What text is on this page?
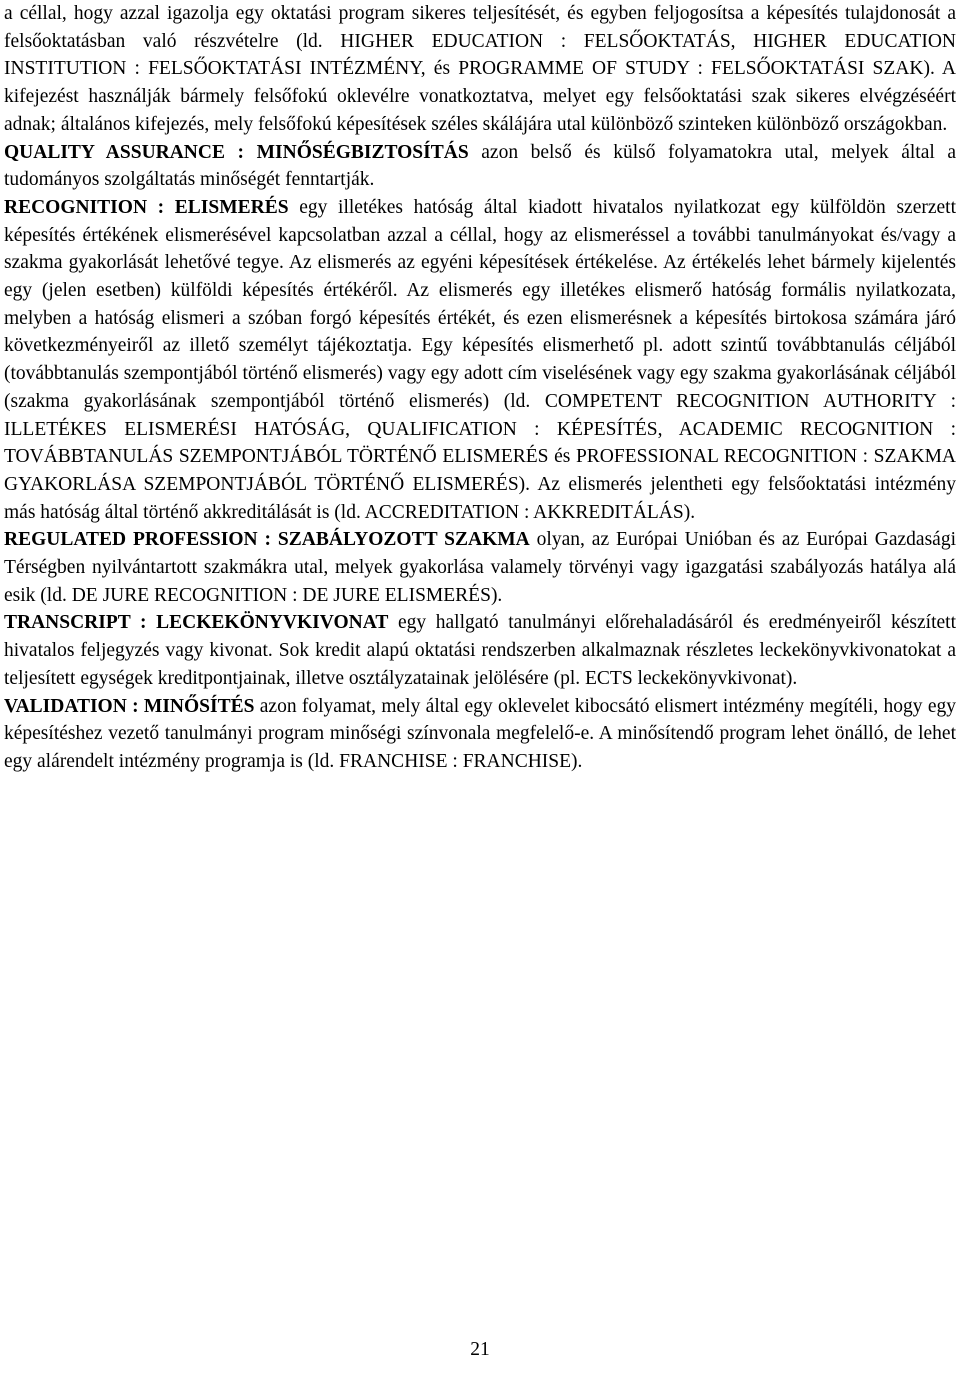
a céllal, hogy azzal igazolja egy oktatási program sikeres teljesítését, és egyben feljogosítsa a képesítés tulajdonosát a felsőoktatásban való részvételre (ld. HIGHER EDUCATION : FELSŐOKTATÁS, HIGHER EDUCATION INSTITUTION : FELSŐOKTATÁSI INTÉZMÉNY, és PROGRAMME OF STUDY : FELSŐOKTATÁSI SZAK). A kifejezést használják bármely felsőfokú oklevélre vonatkoztatva, melyet egy felsőoktatási szak sikeres elvégzéséért adnak; általános kifejezés, mely felsőfokú képesítések széles skálájára utal különböző szinteken különböző országokban.

QUALITY ASSURANCE : MINŐSÉGBIZTOSÍTÁS azon belső és külső folyamatokra utal, melyek által a tudományos szolgáltatás minőségét fenntartják.

RECOGNITION : ELISMERÉS egy illetékes hatóság által kiadott hivatalos nyilatkozat egy külföldön szerzett képesítés értékének elismerésével kapcsolatban azzal a céllal, hogy az elismeréssel a további tanulmányokat és/vagy a szakma gyakorlását lehetővé tegye. Az elismerés az egyéni képesítések értékelése. Az értékelés lehet bármely kijelentés egy (jelen esetben) külföldi képesítés értékéről. Az elismerés egy illetékes elismerő hatóság formális nyilatkozata, melyben a hatóság elismeri a szóban forgó képesítés értékét, és ezen elismerésnek a képesítés birtokosa számára járó következményeiről az illető személyt tájékoztatja. Egy képesítés elismerhető pl. adott szintű továbbtanulás céljából (továbbtanulás szempontjából történő elismerés) vagy egy adott cím viselésének vagy egy szakma gyakorlásának céljából (szakma gyakorlásának szempontjából történő elismerés) (ld. COMPETENT RECOGNITION AUTHORITY : ILLETÉKES ELISMERÉSI HATÓSÁG, QUALIFICATION : KÉPESÍTÉS, ACADEMIC RECOGNITION : TOVÁBBTANULÁS SZEMPONTJÁBÓL TÖRTÉNŐ ELISMERÉS és PROFESSIONAL RECOGNITION : SZAKMA GYAKORLÁSA SZEMPONTJÁBÓL TÖRTÉNŐ ELISMERÉS). Az elismerés jelentheti egy felsőoktatási intézmény más hatóság által történő akkreditálását is (ld. ACCREDITATION : AKKREDITÁLÁS).

REGULATED PROFESSION : SZABÁLYOZOTT SZAKMA olyan, az Európai Unióban és az Európai Gazdasági Térségben nyilvántartott szakmákra utal, melyek gyakorlása valamely törvényi vagy igazgatási szabályozás hatálya alá esik (ld. DE JURE RECOGNITION : DE JURE ELISMERÉS).

TRANSCRIPT : LECKEKÖNYVKIVONAT egy hallgató tanulmányi előrehaladásáról és eredményeiről készített hivatalos feljegyzés vagy kivonat. Sok kredit alapú oktatási rendszerben alkalmaznak részletes leckekönyvkivonatokat a teljesített egységek kreditpontjainak, illetve osztályzatainak jelölésére (pl. ECTS leckekönyvkivonat).

VALIDATION : MINŐSÍTÉS azon folyamat, mely által egy oklevelet kibocsátó elismert intézmény megítéli, hogy egy képesítéshez vezető tanulmányi program minőségi színvonala megfelelő-e. A minősítendő program lehet önálló, de lehet egy alárendelt intézmény programja is (ld. FRANCHISE : FRANCHISE).

21
